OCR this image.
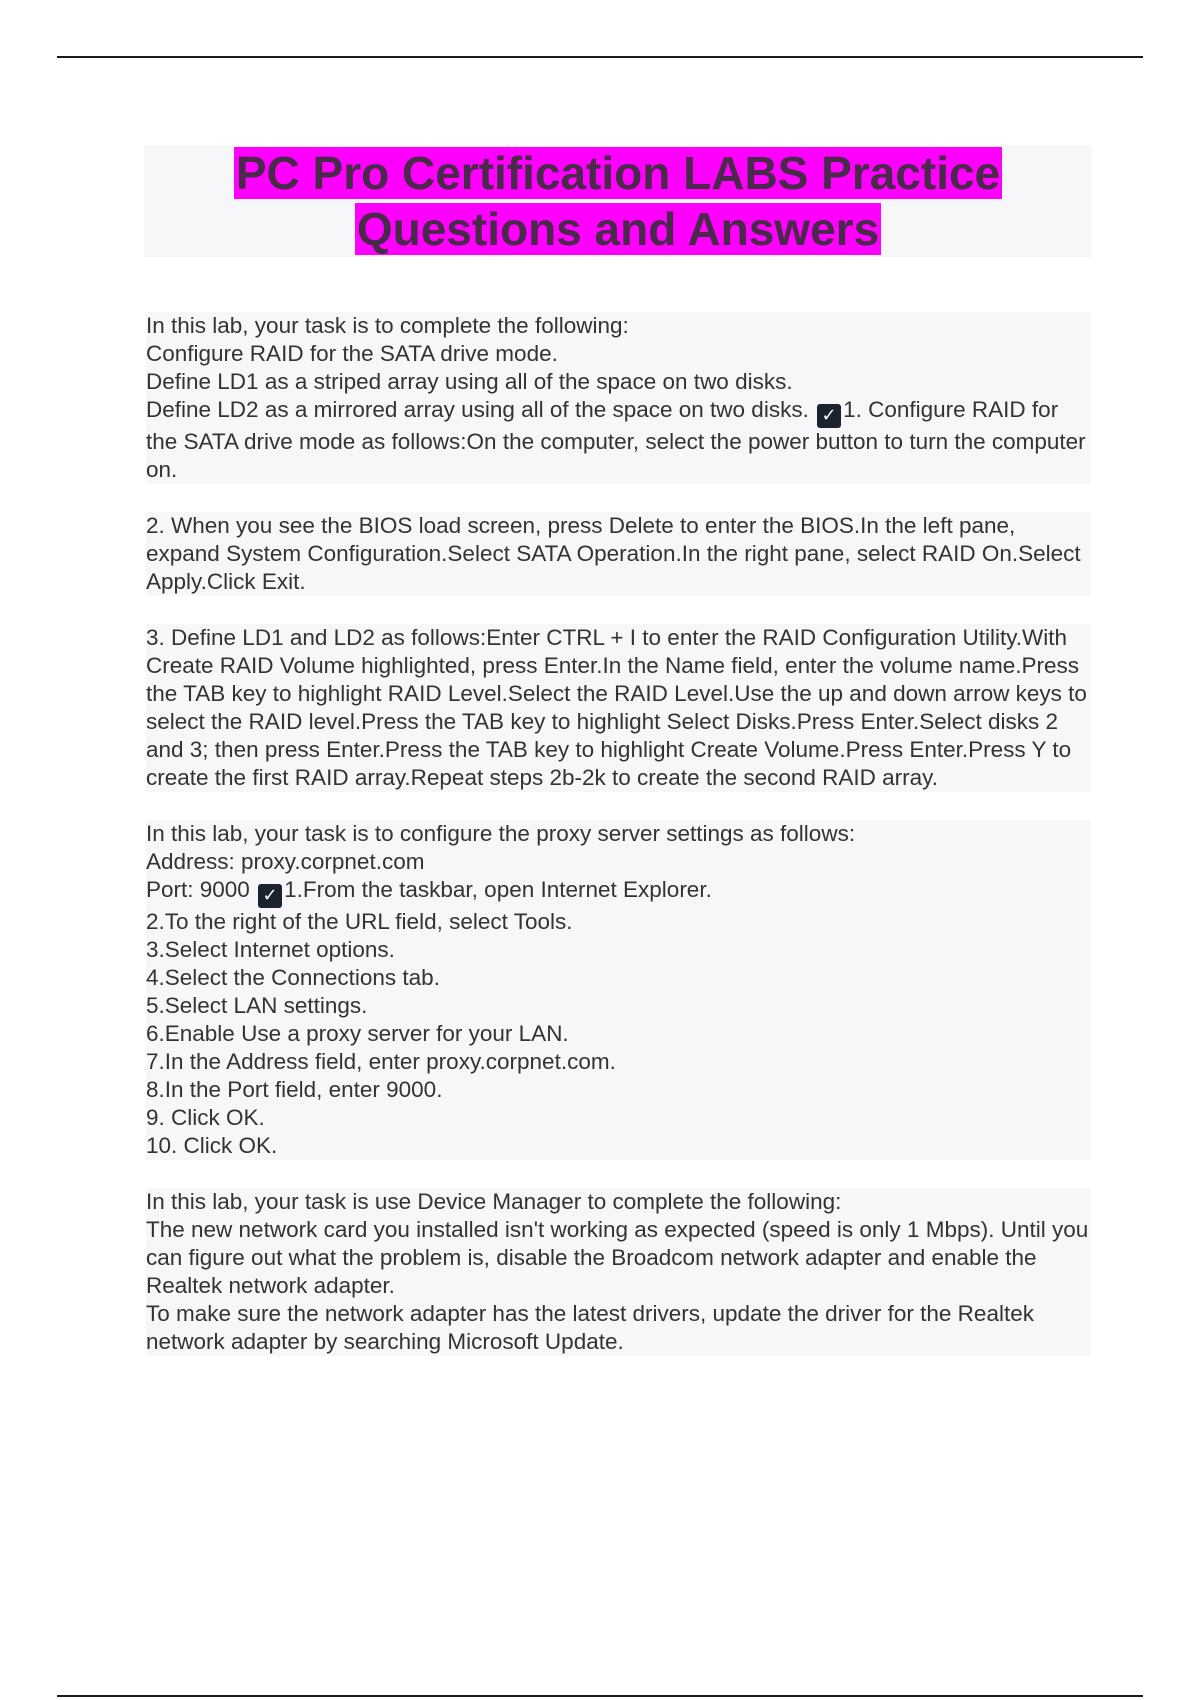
PC Pro Certification LABS Practice Questions and Answers

In this lab, your task is to complete the following:

Configure RAID for the SATA drive mode.

Define LD1 as a striped array using all of the space on two disks.

Define LD2 as a mirrored array using all of the space on two disks. ✓ 1. Configure RAID for the SATA drive mode as follows:On the computer, select the power button to turn the computer on.

2. When you see the BIOS load screen, press Delete to enter the BIOS.In the left pane, expand System Configuration.Select SATA Operation.In the right pane, select RAID On.Select Apply.Click Exit.

3. Define LD1 and LD2 as follows:Enter CTRL + I to enter the RAID Configuration Utility.With Create RAID Volume highlighted, press Enter.In the Name field, enter the volume name.Press the TAB key to highlight RAID Level.Select the RAID Level.Use the up and down arrow keys to select the RAID level.Press the TAB key to highlight Select Disks.Press Enter.Select disks 2 and 3; then press Enter.Press the TAB key to highlight Create Volume.Press Enter.Press Y to create the first RAID array.Repeat steps 2b-2k to create the second RAID array.

In this lab, your task is to configure the proxy server settings as follows:

Address: proxy.corpnet.com

Port: 9000 ✓ 1.From the taskbar, open Internet Explorer.

2.To the right of the URL field, select Tools.

3.Select Internet options.

4.Select the Connections tab.

5.Select LAN settings.

6.Enable Use a proxy server for your LAN.

7.In the Address field, enter proxy.corpnet.com.

8.In the Port field, enter 9000.

9. Click OK.

10. Click OK.

In this lab, your task is use Device Manager to complete the following:

The new network card you installed isn't working as expected (speed is only 1 Mbps). Until you can figure out what the problem is, disable the Broadcom network adapter and enable the Realtek network adapter.

To make sure the network adapter has the latest drivers, update the driver for the Realtek network adapter by searching Microsoft Update.
